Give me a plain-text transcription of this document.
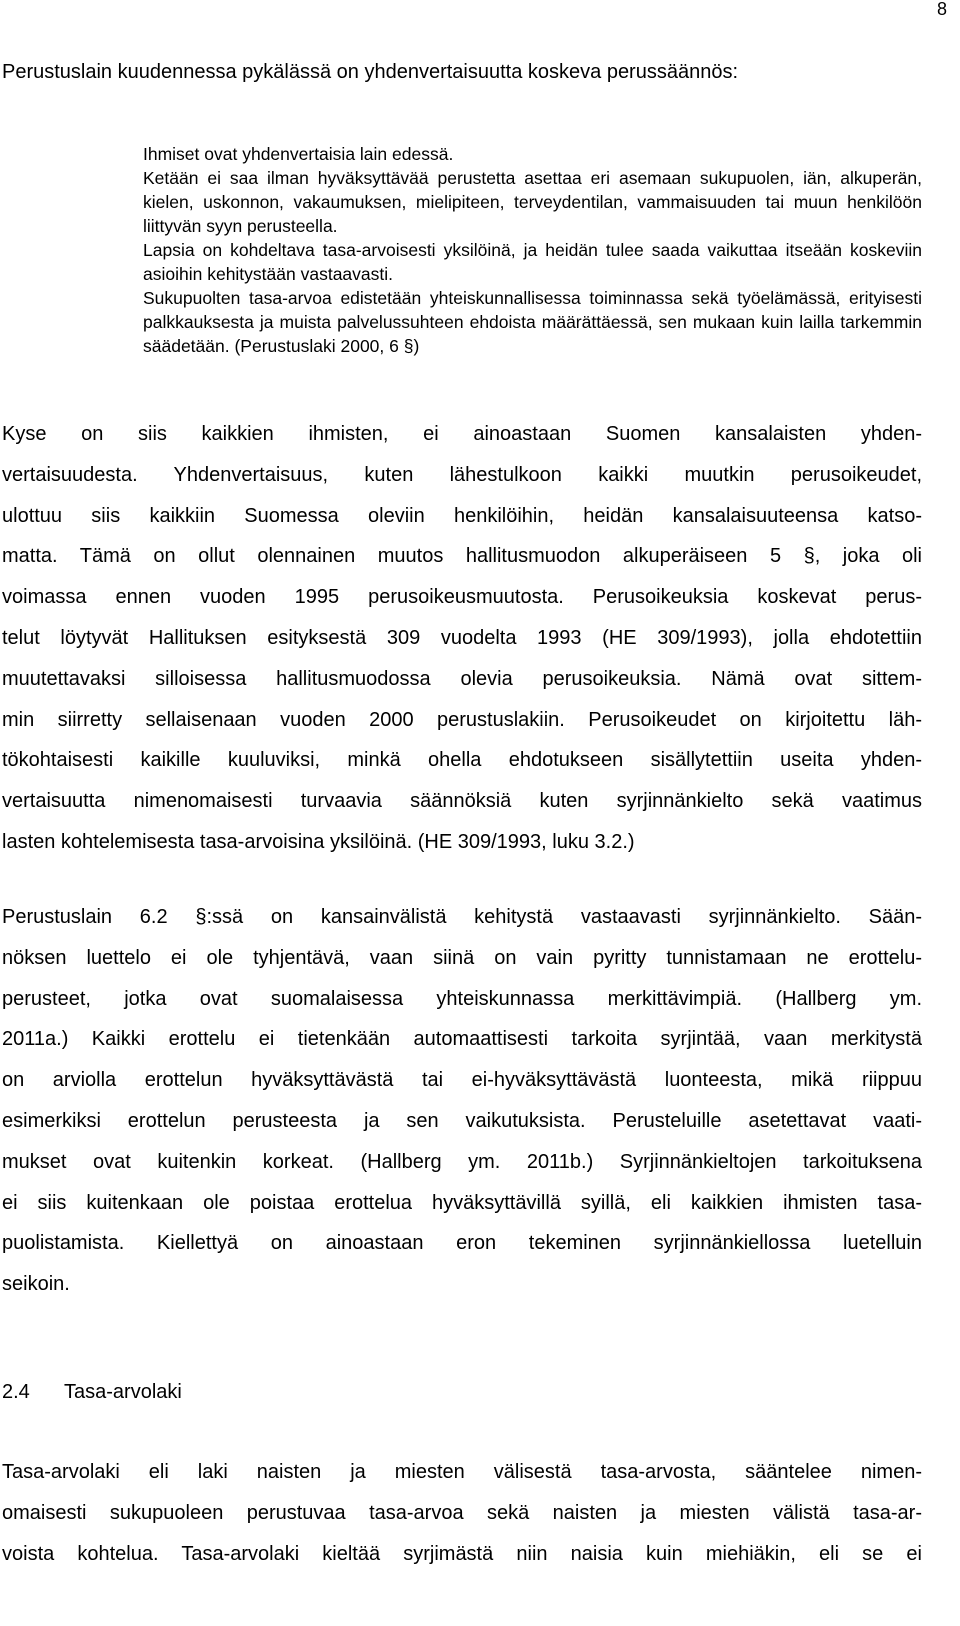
8

Perustuslain kuudennessa pykälässä on yhdenvertaisuutta koskeva perussäännös:

Ihmiset ovat yhdenvertaisia lain edessä.

Ketään ei saa ilman hyväksyttävää perustetta asettaa eri asemaan sukupuolen, iän, alkuperän, kielen, uskonnon, vakaumuksen, mielipiteen, terveydentilan, vammaisuuden tai muun henkilöön liittyvän syyn perusteella.

Lapsia on kohdeltava tasa-arvoisesti yksilöinä, ja heidän tulee saada vaikuttaa itseään koskeviin asioihin kehitystään vastaavasti.

Sukupuolten tasa-arvoa edistetään yhteiskunnallisessa toiminnassa sekä työelämässä, erityisesti palkkauksesta ja muista palvelussuhteen ehdoista määrättäessä, sen mukaan kuin lailla tarkemmin säädetään. (Perustuslaki 2000, 6 §)

Kyse on siis kaikkien ihmisten, ei ainoastaan Suomen kansalaisten yhden-
vertaisuudesta. Yhdenvertaisuus, kuten lähestulkoon kaikki muutkin perusoikeudet,
ulottuu siis kaikkiin Suomessa oleviin henkilöihin, heidän kansalaisuuteensa katso-
matta. Tämä on ollut olennainen muutos hallitusmuodon alkuperäiseen 5 §, joka oli
voimassa ennen vuoden 1995 perusoikeusmuutosta. Perusoikeuksia koskevat perus-
telut löytyvät Hallituksen esityksestä 309 vuodelta 1993 (HE 309/1993), jolla ehdotettiin
muutettavaksi silloisessa hallitusmuodossa olevia perusoikeuksia. Nämä ovat sittem-
min siirretty sellaisenaan vuoden 2000 perustuslakiin. Perusoikeudet on kirjoitettu läh-
tökohtaisesti kaikille kuuluviksi, minkä ohella ehdotukseen sisällytettiin useita yhden-
vertaisuutta nimenomaisesti turvaavia säännöksiä kuten syrjinnänkielto sekä vaatimus
lasten kohtelemisesta tasa-arvoisina yksilöinä. (HE 309/1993, luku 3.2.)
Perustuslain 6.2 §:ssä on kansainvälistä kehitystä vastaavasti syrjinnänkielto. Sään-
nöksen luettelo ei ole tyhjentävä, vaan siinä on vain pyritty tunnistamaan ne erottelu-
perusteet, jotka ovat suomalaisessa yhteiskunnassa merkittävimpiä. (Hallberg ym.
2011a.) Kaikki erottelu ei tietenkään automaattisesti tarkoita syrjintää, vaan merkitystä
on arviolla erottelun hyväksyttävästä tai ei-hyväksyttävästä luonteesta, mikä riippuu
esimerkiksi erottelun perusteesta ja sen vaikutuksista. Perusteluille asetettavat vaati-
mukset ovat kuitenkin korkeat. (Hallberg ym. 2011b.) Syrjinnänkieltojen tarkoituksena
ei siis kuitenkaan ole poistaa erottelua hyväksyttävillä syillä, eli kaikkien ihmisten tasa-
puolistamista. Kiellettyä on ainoastaan eron tekeminen syrjinnänkiellossa luetelluin
seikoin.
2.4 Tasa-arvolaki
Tasa-arvolaki eli laki naisten ja miesten välisestä tasa-arvosta, sääntelee nimen-
omaisesti sukupuoleen perustuvaa tasa-arvoa sekä naisten ja miesten välistä tasa-ar-
voista kohtelua. Tasa-arvolaki kieltää syrjimästä niin naisia kuin miehiäkin, eli se ei
